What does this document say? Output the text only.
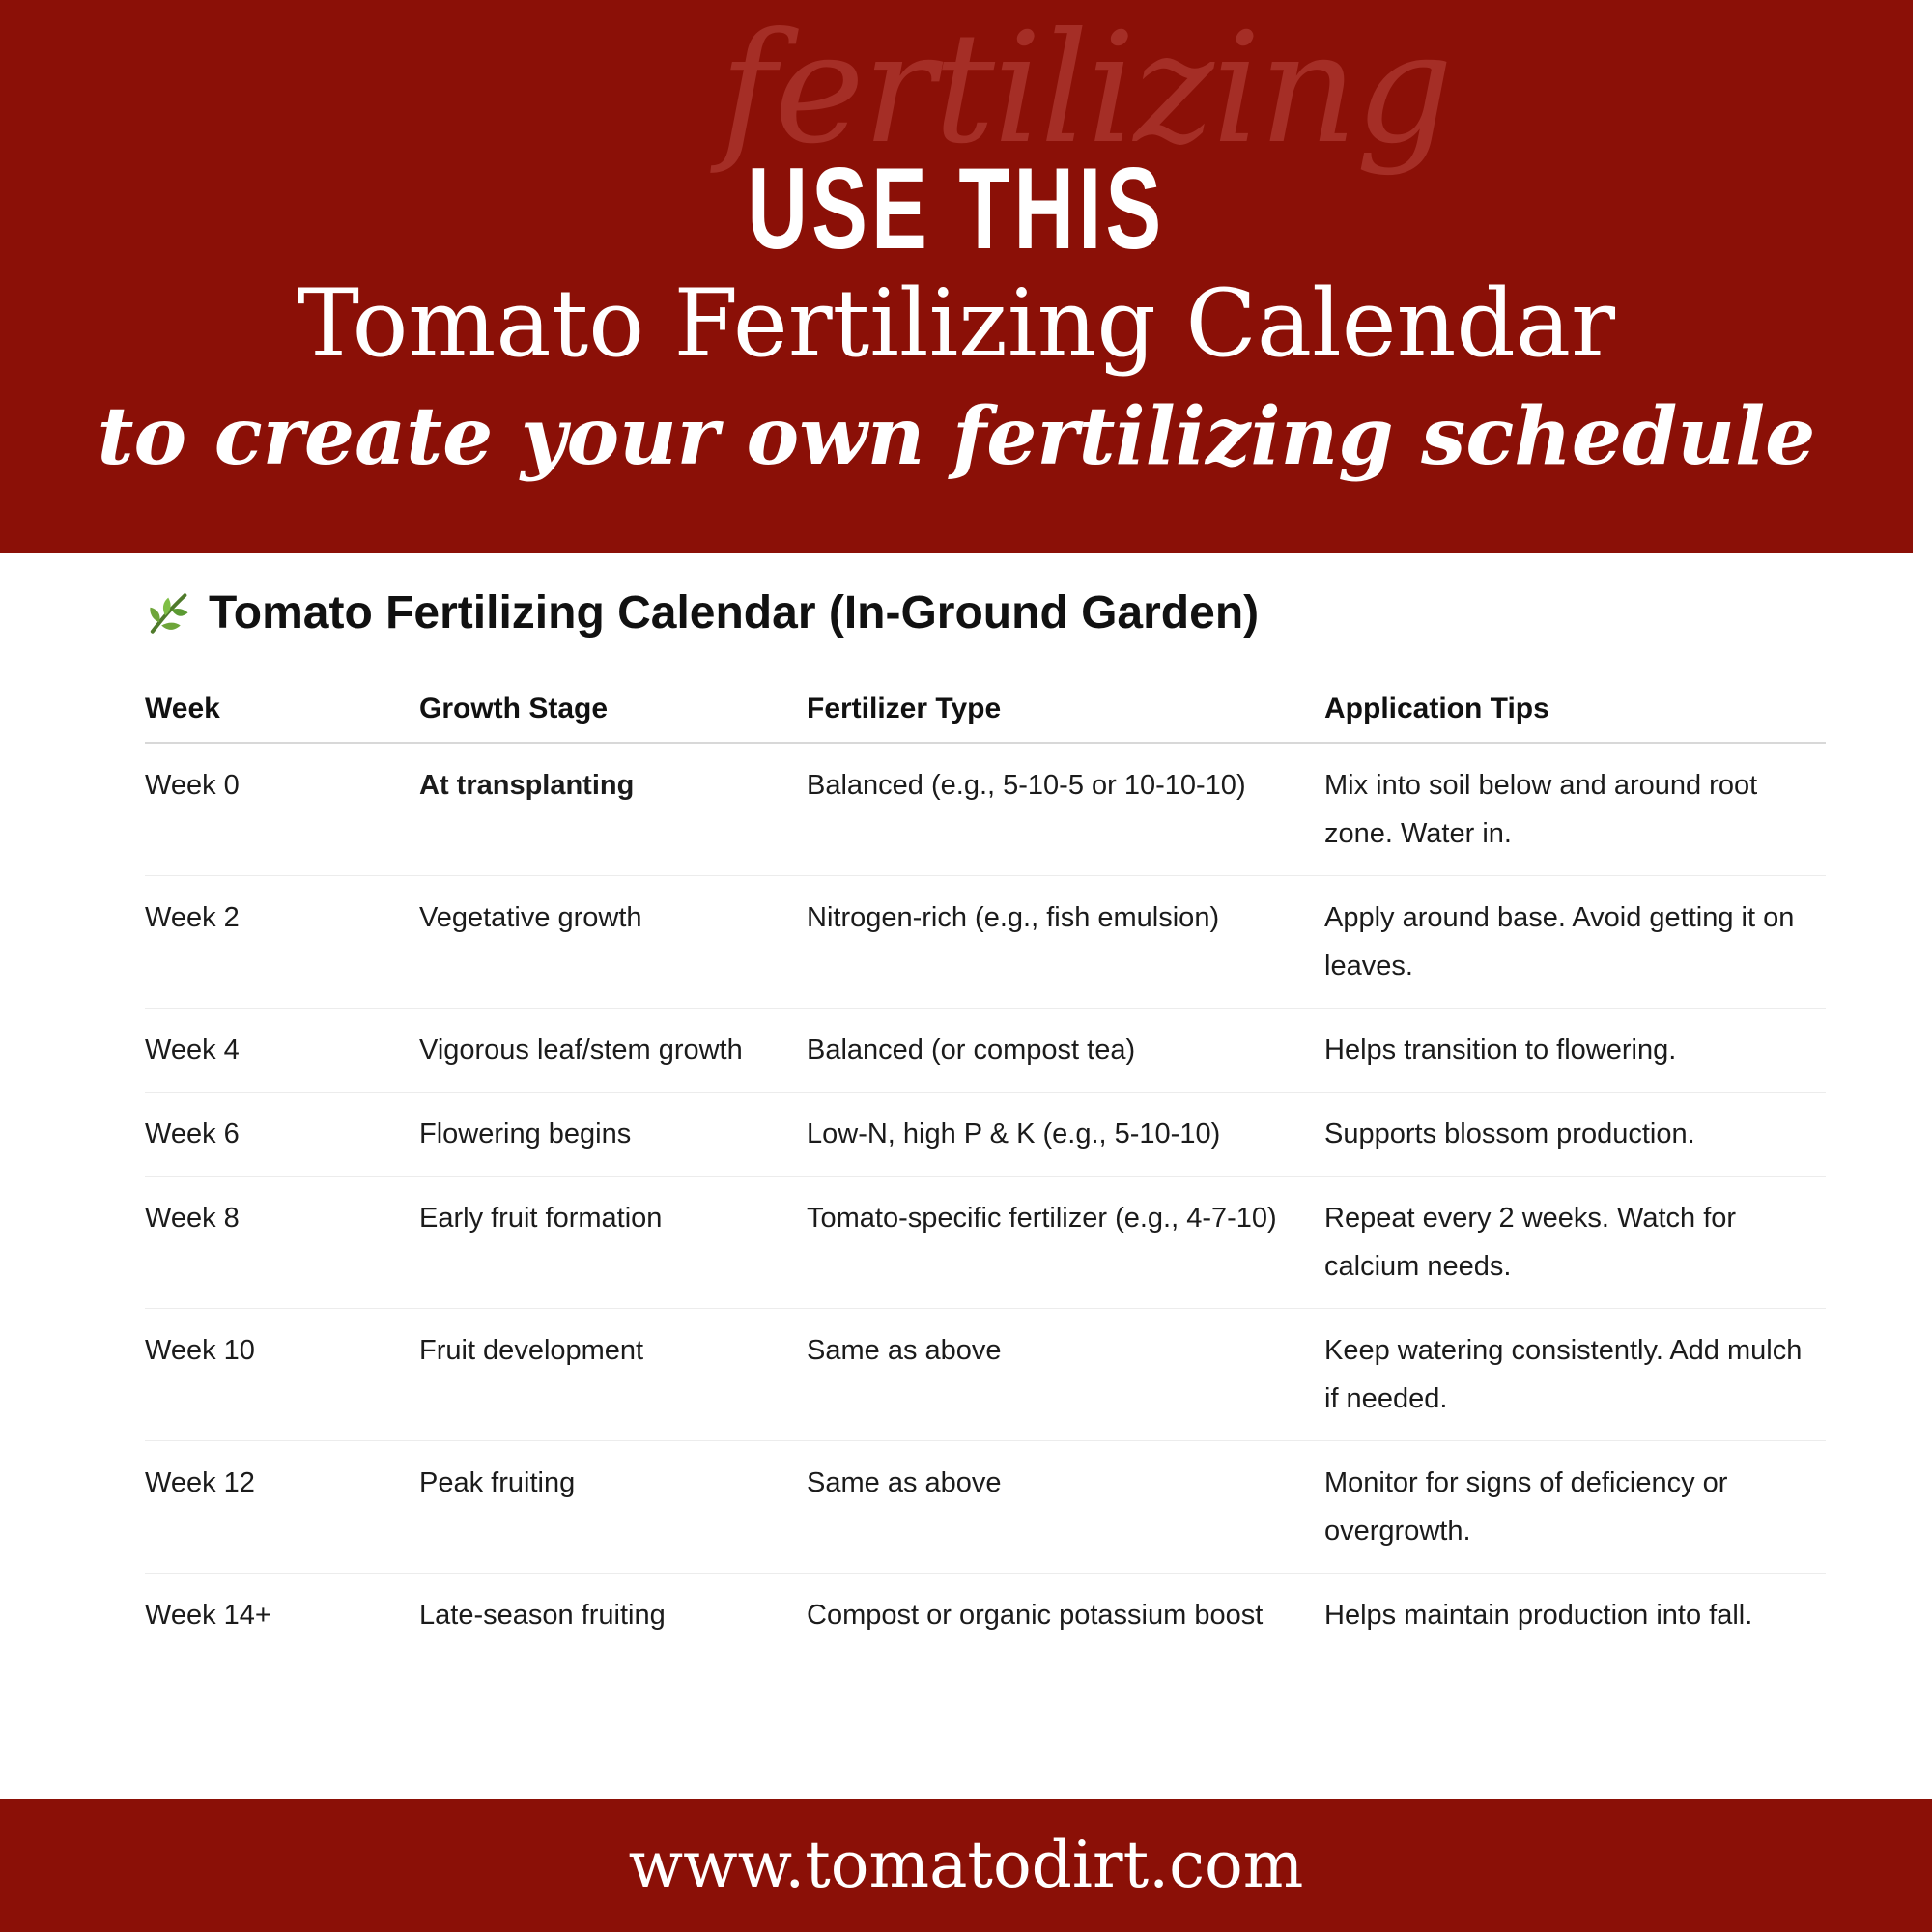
fertilizing
USE THIS
Tomato Fertilizing Calendar
to create your own fertilizing schedule
Tomato Fertilizing Calendar (In-Ground Garden)
Week	Growth Stage	Fertilizer Type	Application Tips
Week 0	At transplanting	Balanced (e.g., 5-10-5 or 10-10-10)	Mix into soil below and around root zone. Water in.
Week 2	Vegetative growth	Nitrogen-rich (e.g., fish emulsion)	Apply around base. Avoid getting it on leaves.
Week 4	Vigorous leaf/stem growth	Balanced (or compost tea)	Helps transition to flowering.
Week 6	Flowering begins	Low-N, high P & K (e.g., 5-10-10)	Supports blossom production.
Week 8	Early fruit formation	Tomato-specific fertilizer (e.g., 4-7-10)	Repeat every 2 weeks. Watch for calcium needs.
Week 10	Fruit development	Same as above	Keep watering consistently. Add mulch if needed.
Week 12	Peak fruiting	Same as above	Monitor for signs of deficiency or overgrowth.
Week 14+	Late-season fruiting	Compost or organic potassium boost	Helps maintain production into fall.
www.tomatodirt.com
